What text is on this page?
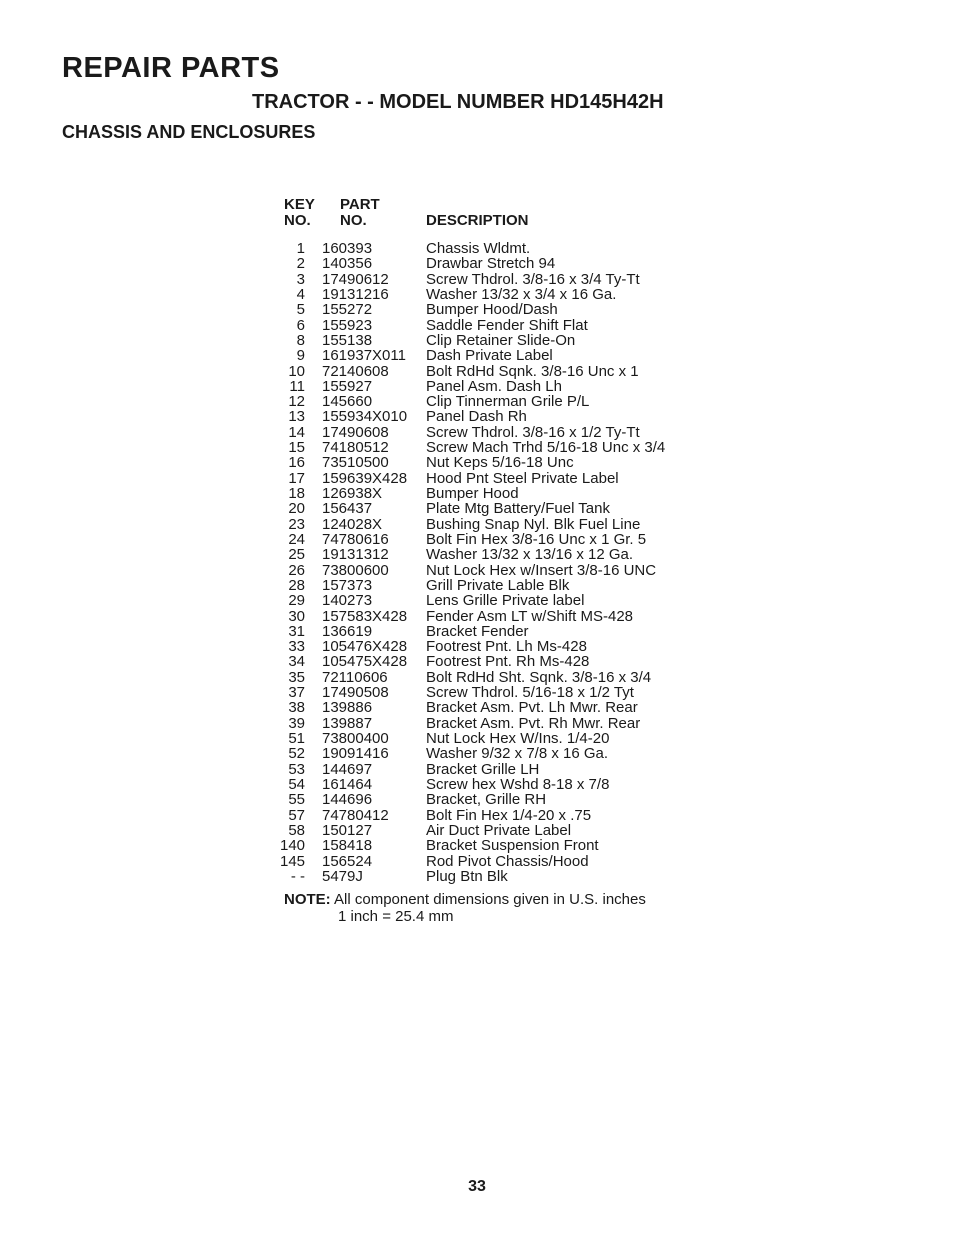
REPAIR PARTS
TRACTOR - - MODEL NUMBER HD145H42H
CHASSIS AND ENCLOSURES
KEY
NO.
PART
NO.	DESCRIPTION
1 160393	Chassis Wldmt.
2 140356	Drawbar Stretch 94
3 17490612 Screw Thdrol. 3/8-16 x 3/4 Ty-Tt
4 19131216 Washer 13/32 x 3/4 x 16 Ga.
5 155272	Bumper Hood/Dash
6 155923	Saddle Fender Shift Flat
8 155138	Clip Retainer Slide-On
9 161937X011 Dash Private Label
10 72140608 Bolt RdHd Sqnk. 3/8-16 Unc x 1
11 155927	Panel Asm. Dash Lh
12 145660	Clip Tinnerman Grile P/L
13 155934X010 Panel Dash Rh
14 17490608 Screw Thdrol. 3/8-16 x 1/2 Ty-Tt
15 74180512 Screw Mach Trhd 5/16-18 Unc x 3/4
16 73510500 Nut Keps 5/16-18 Unc
17 159639X428 Hood Pnt Steel Private Label
18 126938X	Bumper Hood
20 156437	Plate Mtg Battery/Fuel Tank
23 124028X	Bushing Snap Nyl. Blk Fuel Line
24 74780616 Bolt Fin Hex 3/8-16 Unc x 1 Gr. 5
25 19131312 Washer 13/32 x 13/16 x 12 Ga.
26 73800600 Nut Lock Hex w/Insert 3/8-16 UNC
28 157373	Grill Private Lable Blk
29 140273	Lens Grille Private label
30 157583X428 Fender Asm LT w/Shift MS-428
31 136619	Bracket Fender
33 105476X428 Footrest Pnt. Lh Ms-428
34 105475X428 Footrest Pnt. Rh Ms-428
35 72110606	Bolt RdHd Sht. Sqnk. 3/8-16 x 3/4
37 17490508 Screw Thdrol. 5/16-18 x 1/2 Tyt
38 139886	Bracket Asm. Pvt. Lh Mwr. Rear
39 139887	Bracket Asm. Pvt. Rh Mwr. Rear
51 73800400 Nut Lock Hex W/Ins. 1/4-20
52 19091416 Washer 9/32 x 7/8 x 16 Ga.
53 144697	Bracket Grille LH
54 161464	Screw hex Wshd 8-18 x 7/8
55 144696	Bracket, Grille RH
57 74780412 Bolt Fin Hex 1/4-20 x .75
58 150127	Air Duct Private Label
140 158418	Bracket Suspension Front
145 156524	Rod Pivot Chassis/Hood
- - 5479J	Plug Btn Blk
NOTE: All component dimensions given in U.S. inches
1 inch = 25.4 mm
33
